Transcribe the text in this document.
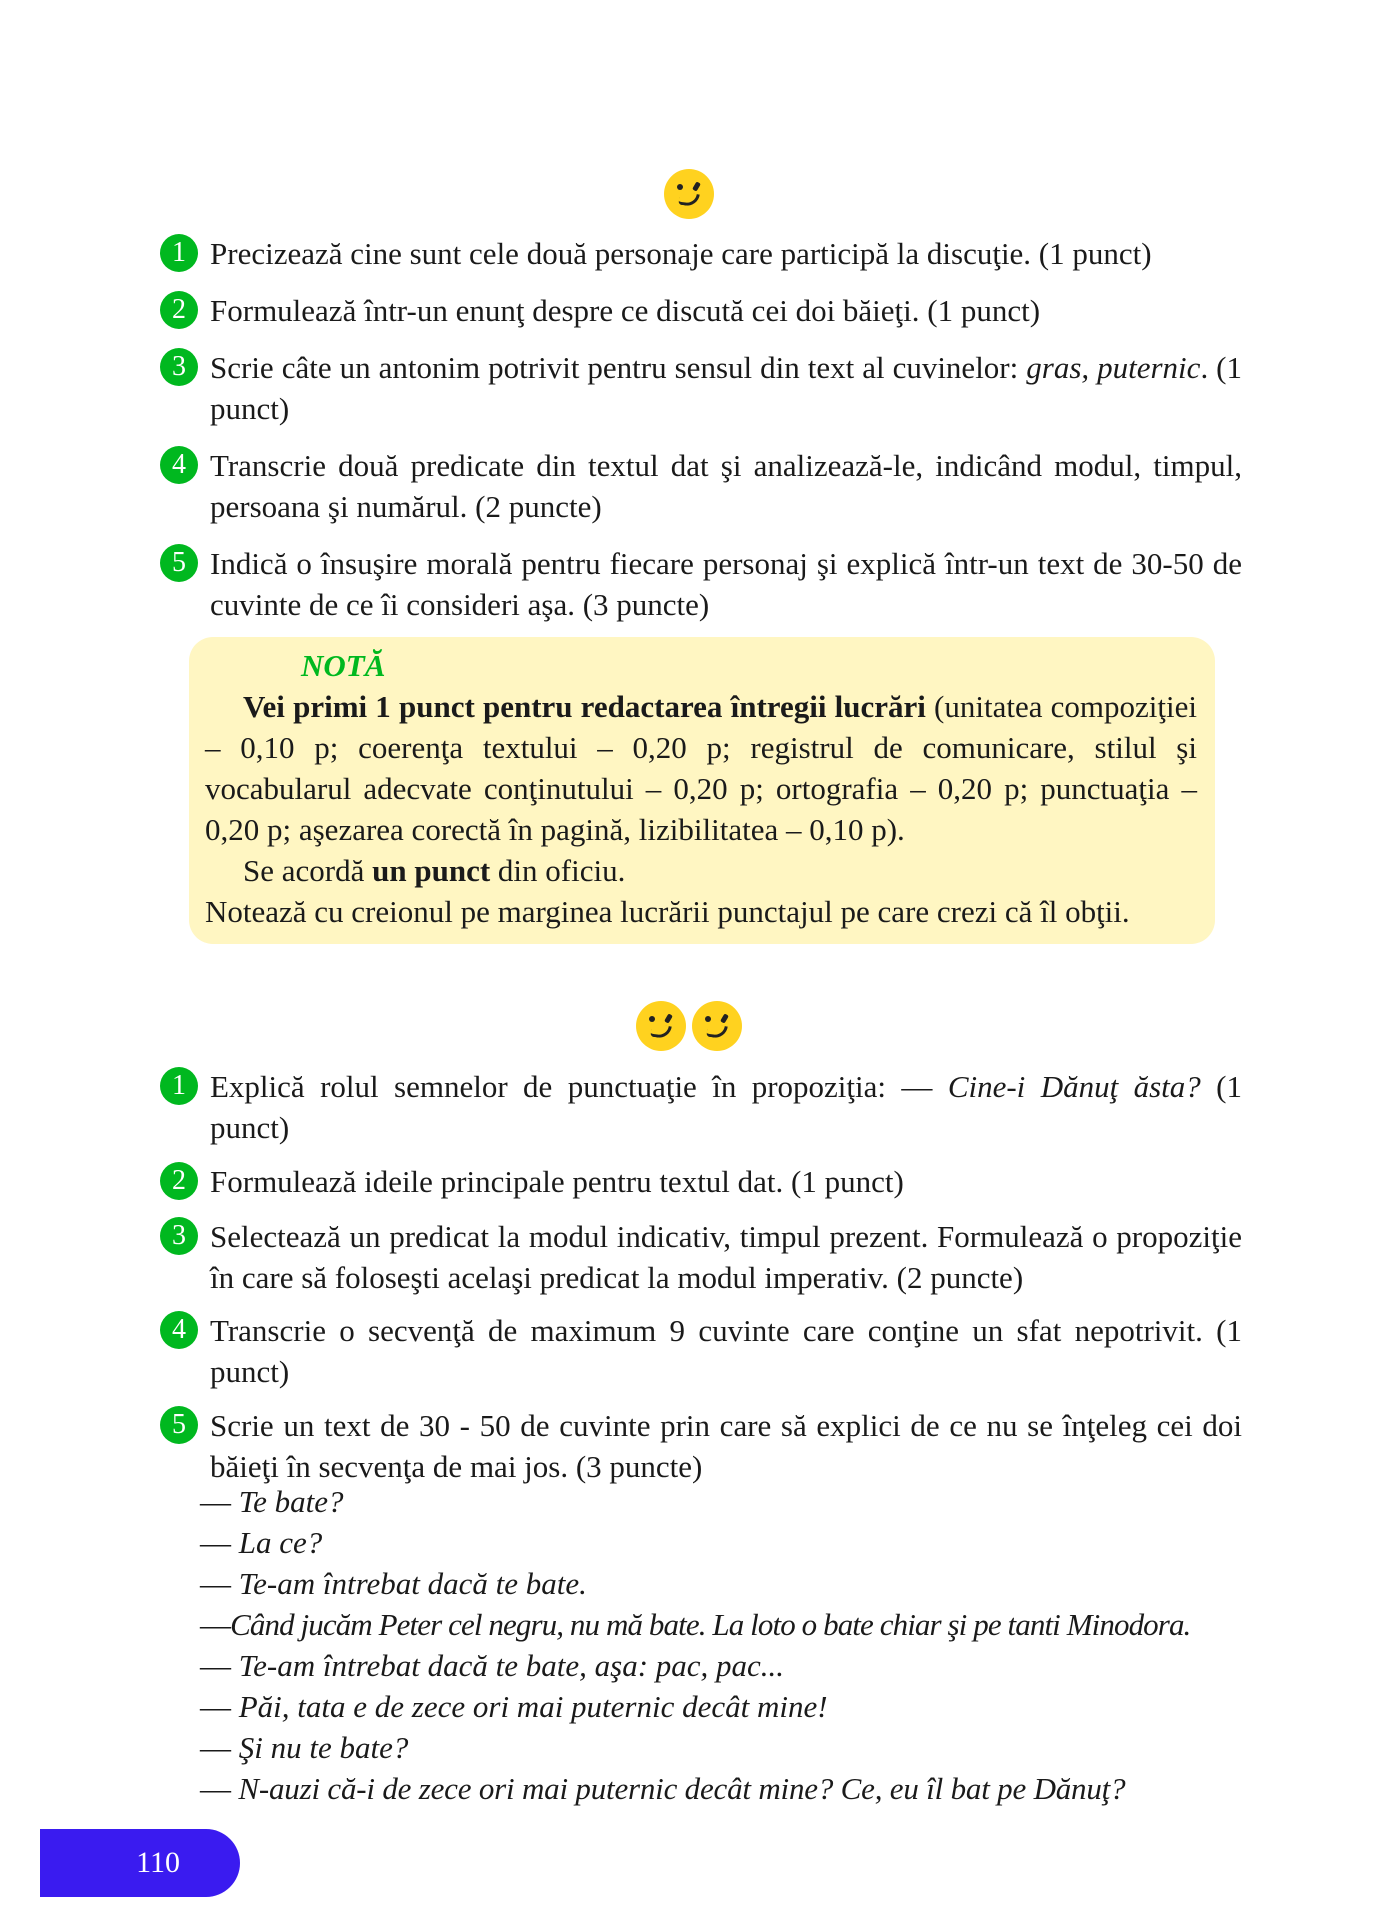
1 Precizează cine sunt cele două personaje care participă la discuţie. (1 punct)
2 Formulează într-un enunţ despre ce discută cei doi băieţi. (1 punct)
3 Scrie câte un antonim potrivit pentru sensul din text al cuvinelor: gras, puternic. (1 punct)
4 Transcrie două predicate din textul dat şi analizează-le, indicând modul, timpul, persoana şi numărul. (2 puncte)
5 Indică o însuşire morală pentru fiecare personaj şi explică într-un text de 30-50 de cuvinte de ce îi consideri aşa. (3 puncte)
NOTĂ

Vei primi 1 punct pentru redactarea întregii lucrări (unitatea compoziţiei – 0,10 p; coerenţa textului – 0,20 p; registrul de comunicare, stilul şi vocabularul adecvate conţinutului – 0,20 p; ortografia – 0,20 p; punctuaţia – 0,20 p; aşezarea corectă în pagină, lizibilitatea – 0,10 p).

Se acordă un punct din oficiu.

Notează cu creionul pe marginea lucrării punctajul pe care crezi că îl obţii.

1 Explică rolul semnelor de punctuaţie în propoziţia: — Cine-i Dănuţ ăsta? (1 punct)
2 Formulează ideile principale pentru textul dat. (1 punct)
3 Selectează un predicat la modul indicativ, timpul prezent. Formulează o propoziţie în care să foloseşti acelaşi predicat la modul imperativ. (2 puncte)
4 Transcrie o secvenţă de maximum 9 cuvinte care conţine un sfat nepotrivit. (1 punct)
5 Scrie un text de 30 - 50 de cuvinte prin care să explici de ce nu se înţeleg cei doi băieţi în secvenţa de mai jos. (3 puncte)
— Te bate?
— La ce?
— Te-am întrebat dacă te bate.
—Când jucăm Peter cel negru, nu mă bate. La loto o bate chiar şi pe tanti Minodora.
— Te-am întrebat dacă te bate, aşa: pac, pac...
— Păi, tata e de zece ori mai puternic decât mine!
— Şi nu te bate?
— N-auzi că-i de zece ori mai puternic decât mine? Ce, eu îl bat pe Dănuţ?
110
